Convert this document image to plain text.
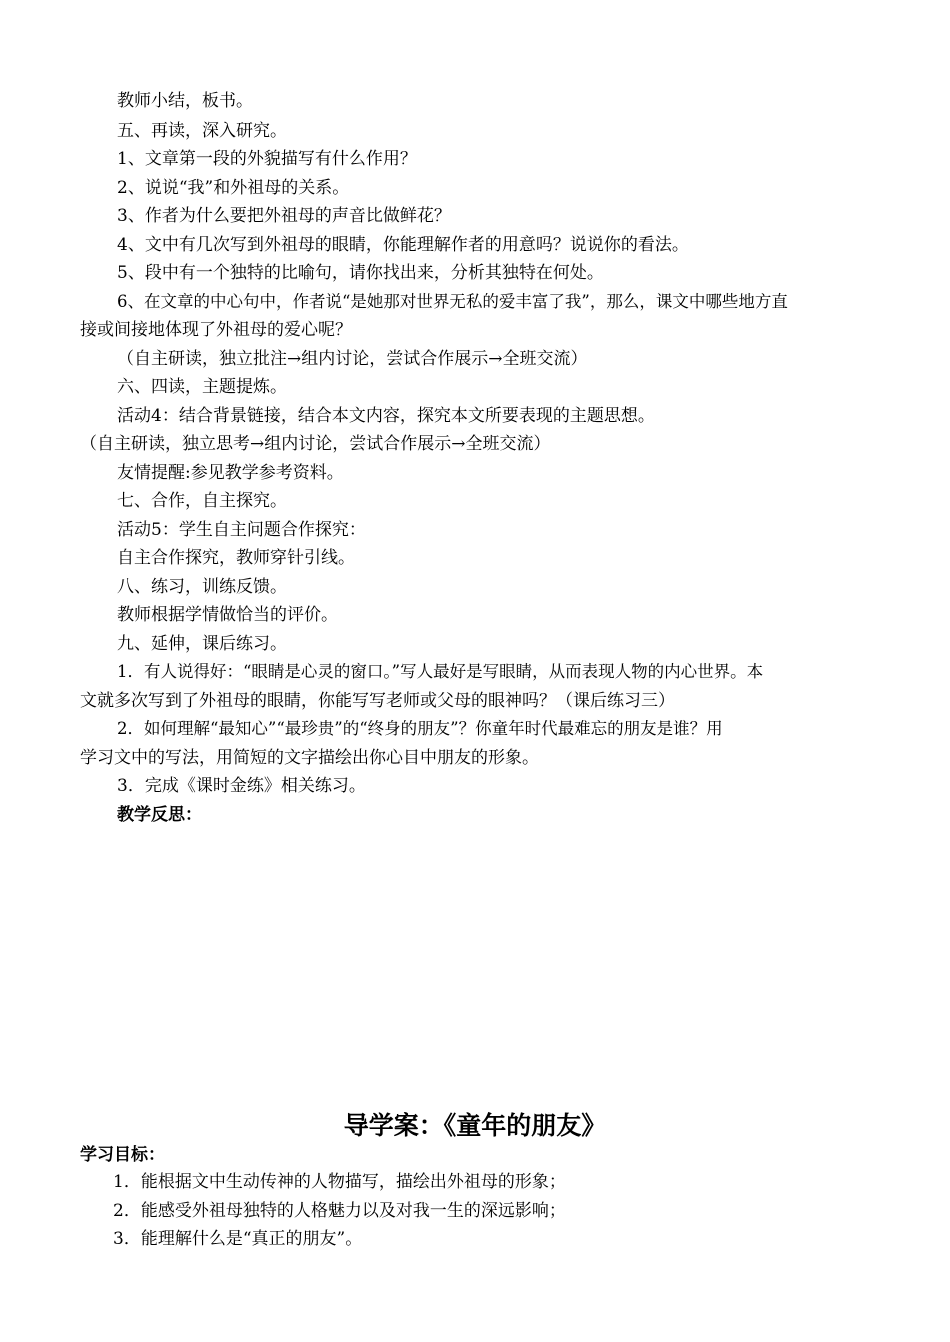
教师小结，板书。
五、再读，深入研究。
1、文章第一段的外貌描写有什么作用？
2、说说“我”和外祖母的关系。
3、作者为什么要把外祖母的声音比做鲜花？
4、文中有几次写到外祖母的眼睛，你能理解作者的用意吗？说说你的看法。
5、段中有一个独特的比喻句，请你找出来，分析其独特在何处。
6、在文章的中心句中，作者说“是她那对世界无私的爱丰富了我”，那么，课文中哪些地方直
接或间接地体现了外祖母的爱心呢？
（自主研读，独立批注→组内讨论，尝试合作展示→全班交流）
六、四读，主题提炼。
活动4：结合背景链接，结合本文内容，探究本文所要表现的主题思想。
（自主研读，独立思考→组内讨论，尝试合作展示→全班交流）
友情提醒:参见教学参考资料。
七、合作，自主探究。
活动5：学生自主问题合作探究：
自主合作探究，教师穿针引线。
八、练习，训练反馈。
教师根据学情做恰当的评价。
九、延伸，课后练习。
1．有人说得好：“眼睛是心灵的窗口。”写人最好是写眼睛，从而表现人物的内心世界。本
文就多次写到了外祖母的眼睛，你能写写老师或父母的眼神吗？（课后练习三）
2．如何理解“最知心”“最珍贵”的“终身的朋友”？你童年时代最难忘的朋友是谁？用
学习文中的写法，用简短的文字描绘出你心目中朋友的形象。
3．完成《课时金练》相关练习。
教学反思：
导学案：《童年的朋友》
学习目标：
1．能根据文中生动传神的人物描写，描绘出外祖母的形象；
2．能感受外祖母独特的人格魅力以及对我一生的深远影响；
3．能理解什么是“真正的朋友”。
